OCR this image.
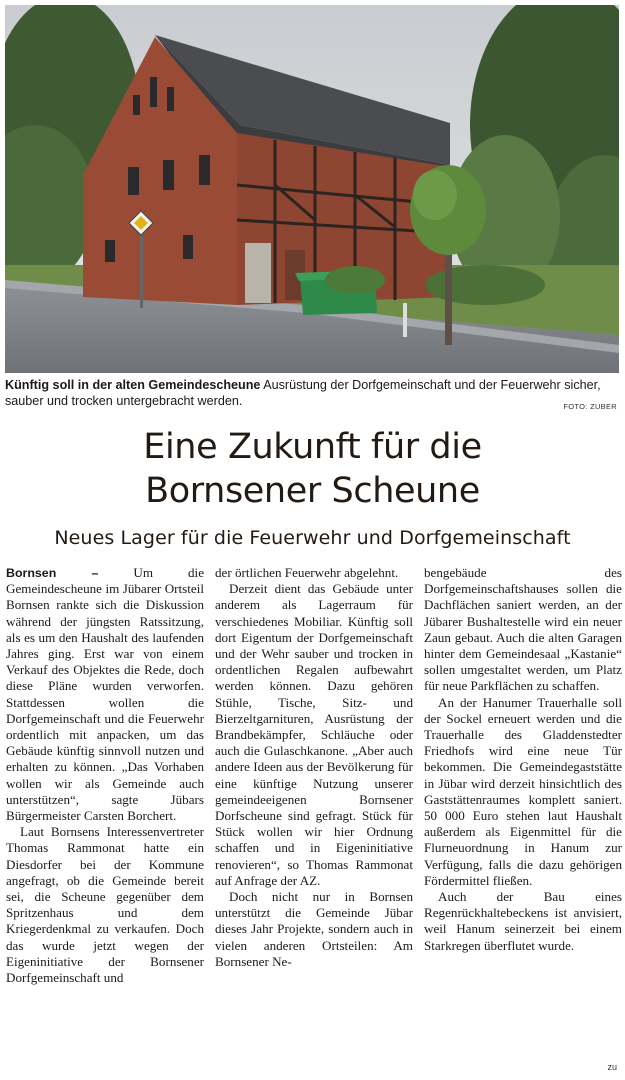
Künftig soll in der alten Gemeindescheune Ausrüstung der Dorfgemeinschaft und der Feuerwehr sicher, sauber und trocken untergebracht werden.	FOTO: ZUBER
Eine Zukunft für die
Bornsener Scheune
Neues Lager für die Feuerwehr und Dorfgemeinschaft

Bornsen – Um die Gemeindescheune im Jübarer Ortsteil Bornsen rankte sich die Diskussion während der jüngsten Ratssitzung, als es um den Haushalt des laufenden Jahres ging. Erst war von einem Verkauf des Objektes die Rede, doch diese Pläne wurden verworfen. Stattdessen wollen die Dorfgemeinschaft und die Feuerwehr ordentlich mit anpacken, um das Gebäude künftig sinnvoll nutzen und erhalten zu können. „Das Vorhaben wollen wir als Gemeinde auch unterstützen“, sagte Jübars Bürgermeister Carsten Borchert.

Laut Bornsens Interessenvertreter Thomas Rammonat hatte ein Diesdorfer bei der Kommune angefragt, ob die Gemeinde bereit sei, die Scheune gegenüber dem Spritzenhaus und dem Kriegerdenkmal zu verkaufen. Doch das wurde jetzt wegen der Eigeninitiative der Bornsener Dorfgemeinschaft und

der örtlichen Feuerwehr abgelehnt.

Derzeit dient das Gebäude unter anderem als Lagerraum für verschiedenes Mobiliar. Künftig soll dort Eigentum der Dorfgemeinschaft und der Wehr sauber und trocken in ordentlichen Regalen aufbewahrt werden können. Dazu gehören Stühle, Tische, Sitz- und Bierzeltgarnituren, Ausrüstung der Brandbekämpfer, Schläuche oder auch die Gulaschkanone. „Aber auch andere Ideen aus der Bevölkerung für eine künftige Nutzung unserer gemeindeeigenen Bornsener Dorfscheune sind gefragt. Stück für Stück wollen wir hier Ordnung schaffen und in Eigeninitiative renovieren“, so Thomas Rammonat auf Anfrage der AZ.

Doch nicht nur in Bornsen unterstützt die Gemeinde Jübar dieses Jahr Projekte, sondern auch in vielen anderen Ortsteilen: Am Bornsener Ne-

bengebäude des Dorfgemeinschaftshauses sollen die Dachflächen saniert werden, an der Jübarer Bushaltestelle wird ein neuer Zaun gebaut. Auch die alten Garagen hinter dem Gemeindesaal „Kastanie“ sollen umgestaltet werden, um Platz für neue Parkflächen zu schaffen.

An der Hanumer Trauerhalle soll der Sockel erneuert werden und die Trauerhalle des Gladdenstedter Friedhofs wird eine neue Tür bekommen. Die Gemeindegaststätte in Jübar wird derzeit hinsichtlich des Gaststättenraumes komplett saniert. 50 000 Euro stehen laut Haushalt außerdem als Eigenmittel für die Flurneuordnung in Hanum zur Verfügung, falls die dazu gehörigen Fördermittel fließen.

Auch der Bau eines Regenrückhaltebeckens ist anvisiert, weil Hanum seinerzeit bei einem Starkregen überflutet wurde.

zu
